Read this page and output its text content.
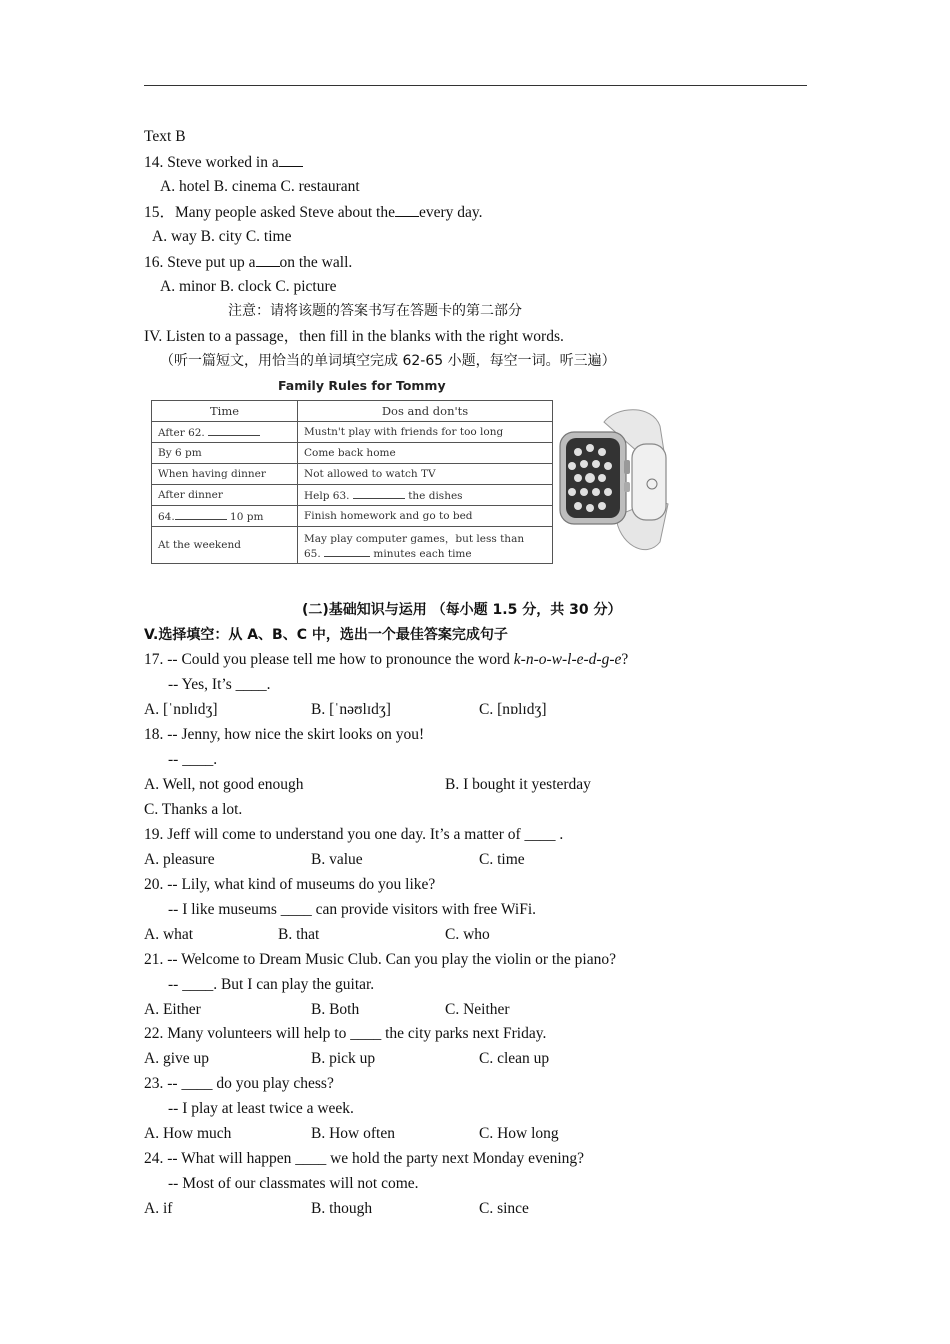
Text B
14. Steve worked in a
A. hotel B. cinema C. restaurant
15．Many people asked Steve about the every day.
A. way B. city C. time
16. Steve put up a on the wall.
A. minor B. clock C. picture
注意：请将该题的答案书写在答题卡的第二部分
IV. Listen to a passage，then fill in the blanks with the right words.
（听一篇短文，用恰当的单词填空完成 62-65 小题，每空一词。听三遍）
Family Rules for Tommy
Time	Dos and don'ts
After 62.	Mustn't play with friends for too long
By 6 pm	Come back home
When having dinner	Not allowed to watch TV
After dinner	Help 63. the dishes
64. 10 pm	Finish homework and go to bed
At the weekend	May play computer games，but less than
65. minutes each time
(二)基础知识与运用 （每小题 1.5 分，共 30 分）
V.选择填空：从 A、B、C 中，选出一个最佳答案完成句子
17. -- Could you please tell me how to pronounce the word k-n-o-w-l-e-d-g-e?
-- Yes, It’s ____.
A. [ˈnɒlɪdʒ]	B. [ˈnəʊlɪdʒ]	C. [nɒlɪdʒ]
18. -- Jenny, how nice the skirt looks on you!
-- ____.
A. Well, not good enough	B. I bought it yesterday
C. Thanks a lot.
19. Jeff will come to understand you one day. It’s a matter of ____ .
A. pleasure	B. value	C. time
20. -- Lily, what kind of museums do you like?
-- I like museums ____ can provide visitors with free WiFi.
A. what	B. that	C. who
21. -- Welcome to Dream Music Club. Can you play the violin or the piano?
-- ____. But I can play the guitar.
A. Either	B. Both	C. Neither
22. Many volunteers will help to ____ the city parks next Friday.
A. give up	B. pick up	C. clean up
23. -- ____ do you play chess?
-- I play at least twice a week.
A. How much	B. How often	C. How long
24. -- What will happen ____ we hold the party next Monday evening?
-- Most of our classmates will not come.
A. if	B. though	C. since
